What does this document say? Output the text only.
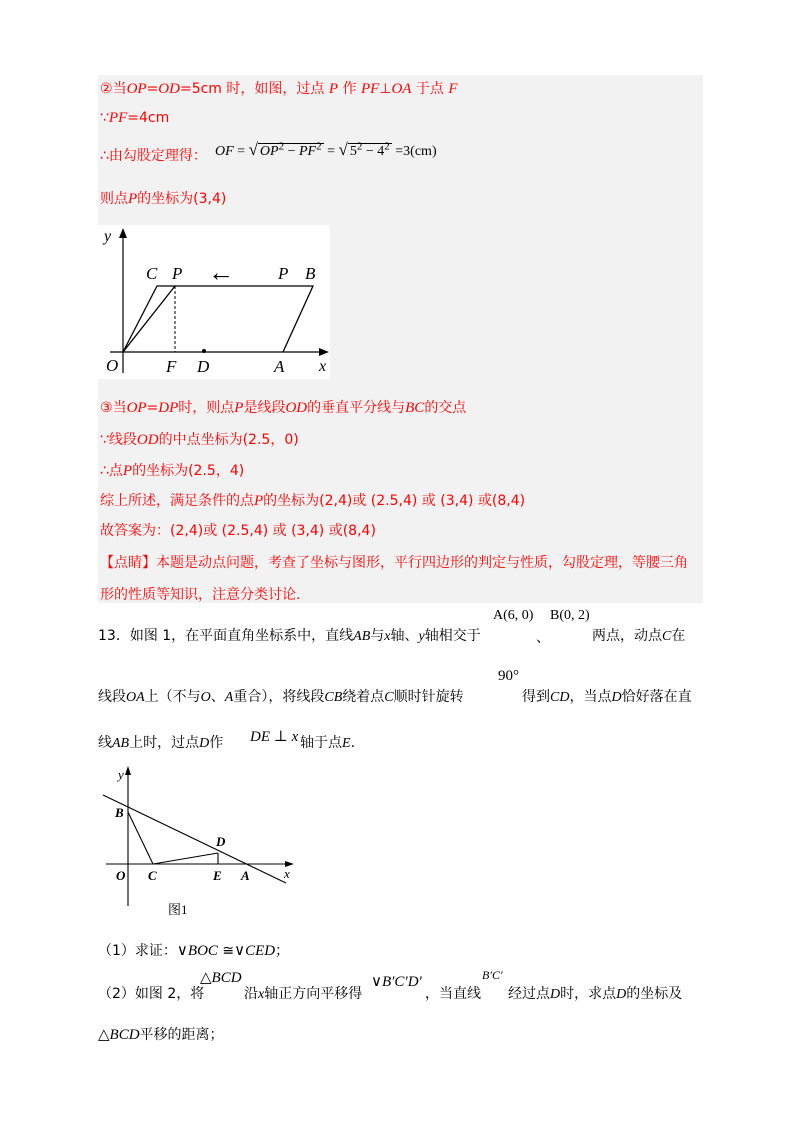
②当OP=OD=5cm 时，如图，过点 P 作 PF⊥OA 于点 F
∵PF=4cm
∴由勾股定理得： OF = √ $OP^2 - PF^2$ = √ $5^2 - 4^2 =3(cm)$
则点P的坐标为(3,4)
y
x
O
C P ←	P B
F D	A
③当OP=DP时，则点P是线段OD的垂直平分线与BC的交点
∵线段OD的中点坐标为(2.5，0)
∴点P的坐标为(2.5，4)
综上所述，满足条件的点P的坐标为(2,4)或 (2.5,4) 或 (3,4) 或(8,4)
故答案为：(2,4)或 (2.5,4) 或 (3,4) 或(8,4)
【点睛】本题是动点问题，考查了坐标与图形，平行四边形的判定与性质，勾股定理，等腰三角
形的性质等知识，注意分类讨论.
13．如图 1，在平面直角坐标系中，直线AB与x轴、y轴相交于
A(6, 0)
、
B(0, 2)
两点，动点C在
线段OA上（不与O、A重合），将线段CB绕着点C顺时针旋转
90°
得到CD，当点D恰好落在直
线AB上时，过点D作 DE ⊥ x 轴于点E.
y
x
O
B
C
D
E A
图1
（1）求证：∨BOC ≅∨CED；
（2）如图 2，将
△BCD
沿x轴正方向平移得
∨B′C′D′
，当直线
B′C′
经过点D时，求点D的坐标及
△BCD平移的距离；
